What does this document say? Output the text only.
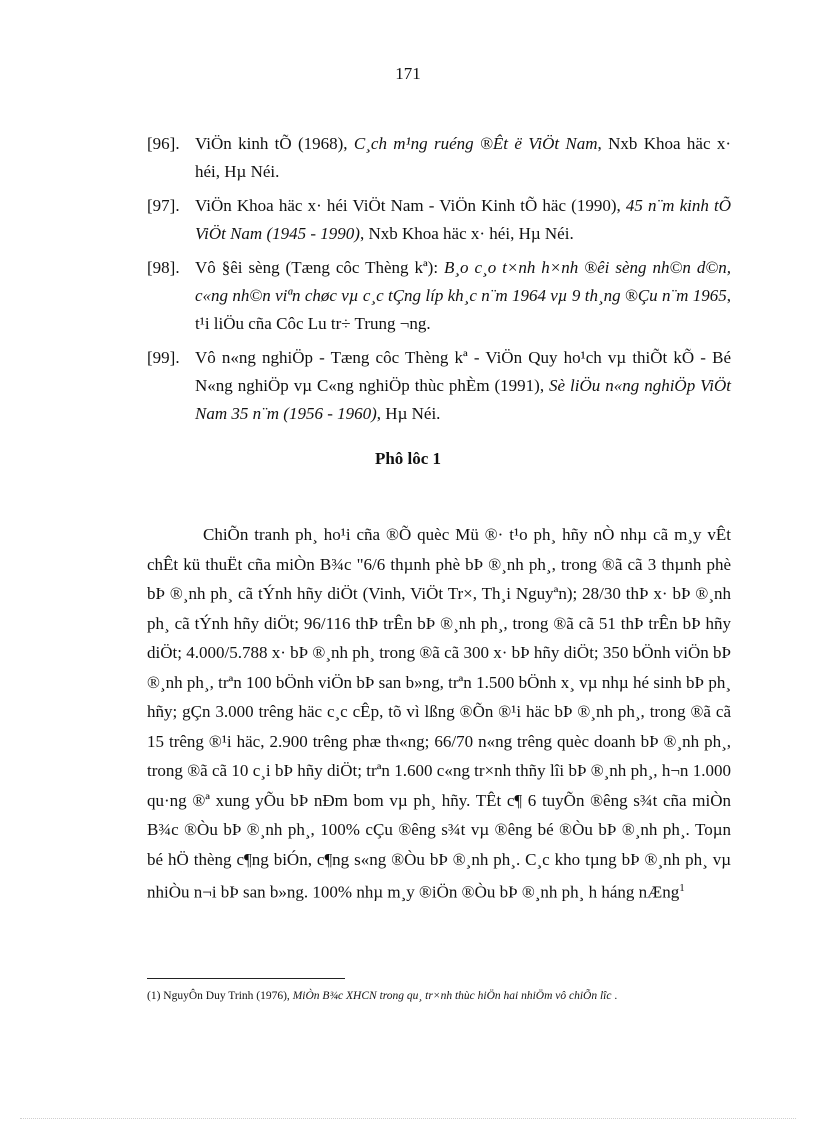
171
[96]. ViÖn kinh tÕ (1968), C¸ch m¹ng ruéng ®Êt ë ViÖt Nam, Nxb Khoa häc x· héi, Hµ Néi.
[97]. ViÖn Khoa häc x· héi ViÖt Nam - ViÖn Kinh tÕ häc (1990), 45 n¨m kinh tÕ ViÖt Nam (1945 - 1990), Nxb Khoa häc x· héi, Hµ Néi.
[98]. Vô §êi sèng (Tæng côc Thèng kª): B¸o c¸o t×nh h×nh ®êi sèng nh©n d©n, c«ng nh©n viªn chøc vµ c¸c tÇng líp kh¸c n¨m 1964 vµ 9 th¸ng ®Çu n¨m 1965, t¹i liÖu cña Côc Lu tr÷ Trung ¬ng.
[99]. Vô n«ng nghiÖp - Tæng côc Thèng kª - ViÖn Quy ho¹ch vµ thiÕt kÕ - Bé N«ng nghiÖp vµ C«ng nghiÖp thùc phÈm (1991), Sè liÖu n«ng nghiÖp ViÖt Nam 35 n¨m (1956 - 1960), Hµ Néi.
Phô lôc 1
ChiÕn tranh ph¸ ho¹i cña ®Õ quèc Mü ®· t¹o ph¸ hñy nÒ nhµ cã m¸y vÊt chÊt kü thuËt cña miÒn B¾c "6/6 thµnh phè bÞ ®¸nh ph¸, trong ®ã cã 3 thµnh phè bÞ ®¸nh ph¸ cã tÝnh hñy diÖt (Vinh, ViÖt Tr×, Th¸i Nguyªn); 28/30 thÞ x· bÞ ®¸nh ph¸ cã tÝnh hñy diÖt; 96/116 thÞ trÊn bÞ ®¸nh ph¸, trong ®ã cã 51 thÞ trÊn bÞ hñy diÖt; 4.000/5.788 x· bÞ ®¸nh ph¸ trong ®ã cã 300 x· bÞ hñy diÖt; 350 bÖnh viÖn bÞ ®¸nh ph¸, trªn 100 bÖnh viÖn bÞ san b»ng, trªn 1.500 bÖnh x¸ vµ nhµ hé sinh bÞ ph¸ hñy; gÇn 3.000 trêng häc c¸c cÊp, tõ vì lßng ®Õn ®¹i häc bÞ ®¸nh ph¸, trong ®ã cã 15 trêng ®¹i häc, 2.900 trêng phæ th«ng; 66/70 n«ng trêng quèc doanh bÞ ®¸nh ph¸, trong ®ã cã 10 c¸i bÞ hñy diÖt; trªn 1.600 c«ng tr×nh thñy lîi bÞ ®¸nh ph¸, h¬n 1.000 qu·ng ®ª xung yÕu bÞ nÐm bom vµ ph¸ hñy. TÊt c¶ 6 tuyÕn ®êng s¾t cña miÒn B¾c ®Òu bÞ ®¸nh ph¸, 100% cÇu ®êng s¾t vµ ®êng bé ®Òu bÞ ®¸nh ph¸. Toµn bé hÖ thèng c¶ng biÓn, c¶ng s«ng ®Òu bÞ ®¸nh ph¸. C¸c kho tµng bÞ ®¸nh ph¸ vµ nhiÒu n¬i bÞ san b»ng. 100% nhµ m¸y ®iÖn ®Òu bÞ ®¸nh ph¸ h háng nÆng$^1$
(1) NguyÔn Duy Trinh (1976), MiÒn B¾c XHCN trong qu¸ tr×nh thùc hiÖn hai nhiÖm vô chiÕn lîc .
